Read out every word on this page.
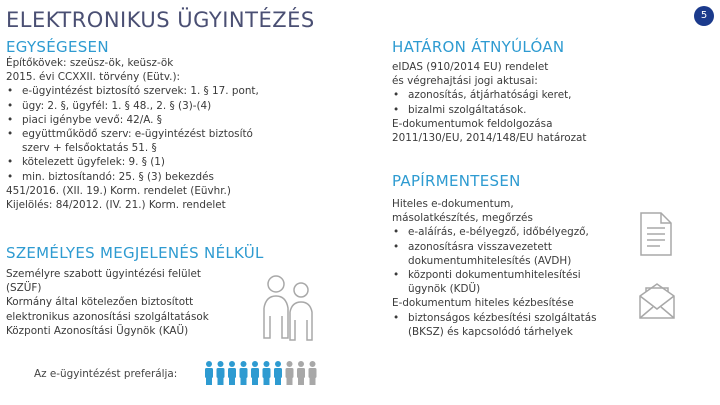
ELEKTRONIKUS ÜGYINTÉZÉS	5
EGYSÉGESEN
Építőkövek: szeüsz-ök, keüsz-ök
2015. évi CCXXII. törvény (Eütv.):
• e-ügyintézést biztosító szervek: 1. § 17. pont,
• ügy: 2. §, ügyfél: 1. § 48., 2. § (3)-(4)
• piaci igénybe vevő: 42/A. §
• együttműködő szerv: e-ügyintézést biztosító
szerv + felsőoktatás 51. §
• kötelezett ügyfelek: 9. § (1)
• min. biztosítandó: 25. § (3) bekezdés
451/2016. (XII. 19.) Korm. rendelet (Eüvhr.)
Kijelölés: 84/2012. (IV. 21.) Korm. rendelet
SZEMÉLYES MEGJELENÉS NÉLKÜL
Személyre szabott ügyintézési felület
(SZÜF)
Kormány által kötelezően biztosított
elektronikus azonosítási szolgáltatások
Központi Azonosítási Ügynök (KAÜ)
Az e-ügyintézést preferálja:
HATÁRON ÁTNYÚLÓAN
eIDAS (910/2014 EU) rendelet
és végrehajtási jogi aktusai:
• azonosítás, átjárhatósági keret,
• bizalmi szolgáltatások.
E-dokumentumok feldolgozása
2011/130/EU, 2014/148/EU határozat
PAPÍRMENTESEN
Hiteles e-dokumentum,
másolatkészítés, megőrzés
• e-aláírás, e-bélyegző, időbélyegző,
• azonosításra visszavezetett
dokumentumhitelesítés (AVDH)
• központi dokumentumhitelesítési
ügynök (KDÜ)
E-dokumentum hiteles kézbesítése
• biztonságos kézbesítési szolgáltatás
(BKSZ) és kapcsolódó tárhelyek
